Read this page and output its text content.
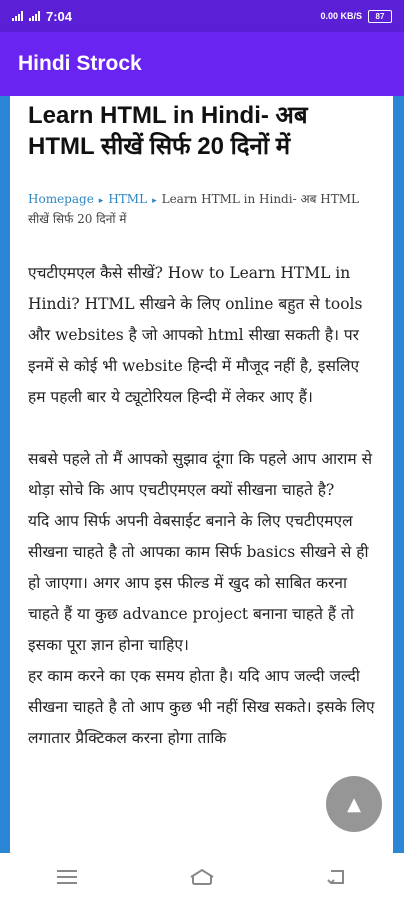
7:04	0.00 KB/S 87
Hindi Strock
Learn HTML in Hindi- अब HTML सीखें सिर्फ 20 दिनों में
Homepage ▸ HTML ▸ Learn HTML in Hindi- अब HTML सीखें सिर्फ 20 दिनों में

एचटीएमएल कैसे सीखें? How to Learn HTML in Hindi? HTML सीखने के लिए online बहुत से tools और websites है जो आपको html सीखा सकती है। पर इनमें से कोई भी website हिन्दी में मौजूद नहीं है, इसलिए हम पहली बार ये ट्यूटोरियल हिन्दी में लेकर आए हैं।

सबसे पहले तो मैं आपको सुझाव दूंगा कि पहले आप आराम से थोड़ा सोचे कि आप एचटीएमएल क्यों सीखना चाहते है?

यदि आप सिर्फ अपनी वेबसाईट बनाने के लिए एचटीएमएल सीखना चाहते है तो आपका काम सिर्फ basics सीखने से ही हो जाएगा। अगर आप इस फील्ड में खुद को साबित करना चाहते हैं या कुछ advance project बनाना चाहते हैं तो इसका पूरा ज्ञान होना चाहिए।

हर काम करने का एक समय होता है। यदि आप जल्दी जल्दी सीखना चाहते है तो आप कुछ भी नहीं सिख सकते। इसके लिए लगातार प्रैक्टिकल करना होगा ताकि

▲
